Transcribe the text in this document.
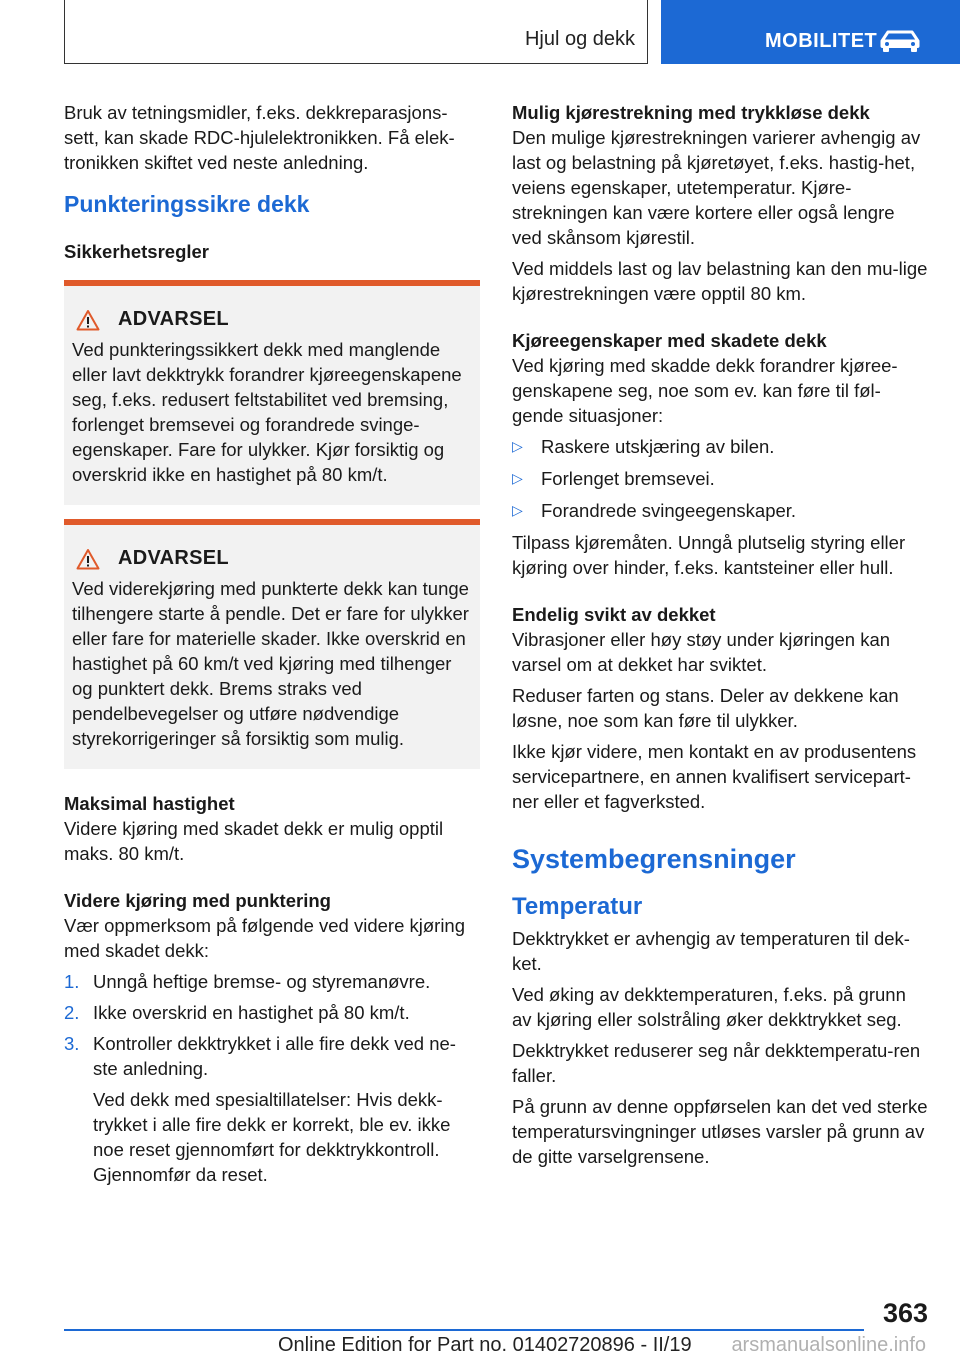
Hjul og dekk	MOBILITET

Bruk av tetningsmidler, f.eks. dekkreparasjons-sett, kan skade RDC-hjulelektronikken. Få elek-tronikken skiftet ved neste anledning.

Punkteringssikre dekk

Sikkerhetsregler

ADVARSEL

Ved punkteringssikkert dekk med manglende eller lavt dekktrykk forandrer kjøreegenskapene seg, f.eks. redusert feltstabilitet ved bremsing, forlenget bremsevei og forandrede svinge-egenskaper. Fare for ulykker. Kjør forsiktig og overskrid ikke en hastighet på 80 km/t.

ADVARSEL

Ved viderekjøring med punkterte dekk kan tunge tilhengere starte å pendle. Det er fare for ulykker eller fare for materielle skader. Ikke overskrid en hastighet på 60 km/t ved kjøring med tilhenger og punktert dekk. Brems straks ved pendelbevegelser og utføre nødvendige styrekorrigeringer så forsiktig som mulig.

Maksimal hastighet

Videre kjøring med skadet dekk er mulig opptil maks. 80 km/t.

Videre kjøring med punktering

Vær oppmerksom på følgende ved videre kjøring med skadet dekk:

1. Unngå heftige bremse- og styremanøvre.

2. Ikke overskrid en hastighet på 80 km/t.

3. Kontroller dekktrykket i alle fire dekk ved ne-ste anledning.

Ved dekk med spesialtillatelser: Hvis dekk-trykket i alle fire dekk er korrekt, ble ev. ikke noe reset gjennomført for dekktrykkontroll. Gjennomfør da reset.

Mulig kjørestrekning med trykkløse dekk

Den mulige kjørestrekningen varierer avhengig av last og belastning på kjøretøyet, f.eks. hastig-het, veiens egenskaper, utetemperatur. Kjøre-strekningen kan være kortere eller også lengre ved skånsom kjørestil.

Ved middels last og lav belastning kan den mu-lige kjørestrekningen være opptil 80 km.

Kjøreegenskaper med skadete dekk

Ved kjøring med skadde dekk forandrer kjøree-genskapene seg, noe som ev. kan føre til føl-gende situasjoner:

▷ Raskere utskjæring av bilen.

▷ Forlenget bremsevei.

▷ Forandrede svingeegenskaper.

Tilpass kjøremåten. Unngå plutselig styring eller kjøring over hinder, f.eks. kantsteiner eller hull.

Endelig svikt av dekket

Vibrasjoner eller høy støy under kjøringen kan varsel om at dekket har sviktet.

Reduser farten og stans. Deler av dekkene kan løsne, noe som kan føre til ulykker.

Ikke kjør videre, men kontakt en av produsentens servicepartnere, en annen kvalifisert servicepart-ner eller et fagverksted.

Systembegrensninger
Temperatur

Dekktrykket er avhengig av temperaturen til dek-ket.

Ved øking av dekktemperaturen, f.eks. på grunn av kjøring eller solstråling øker dekktrykket seg.

Dekktrykket reduserer seg når dekktemperatu-ren faller.

På grunn av denne oppførselen kan det ved sterke temperatursvingninger utløses varsler på grunn av de gitte varselgrensene.

363
Online Edition for Part no. 01402720896 - II/19 arsmanualsonline.info
